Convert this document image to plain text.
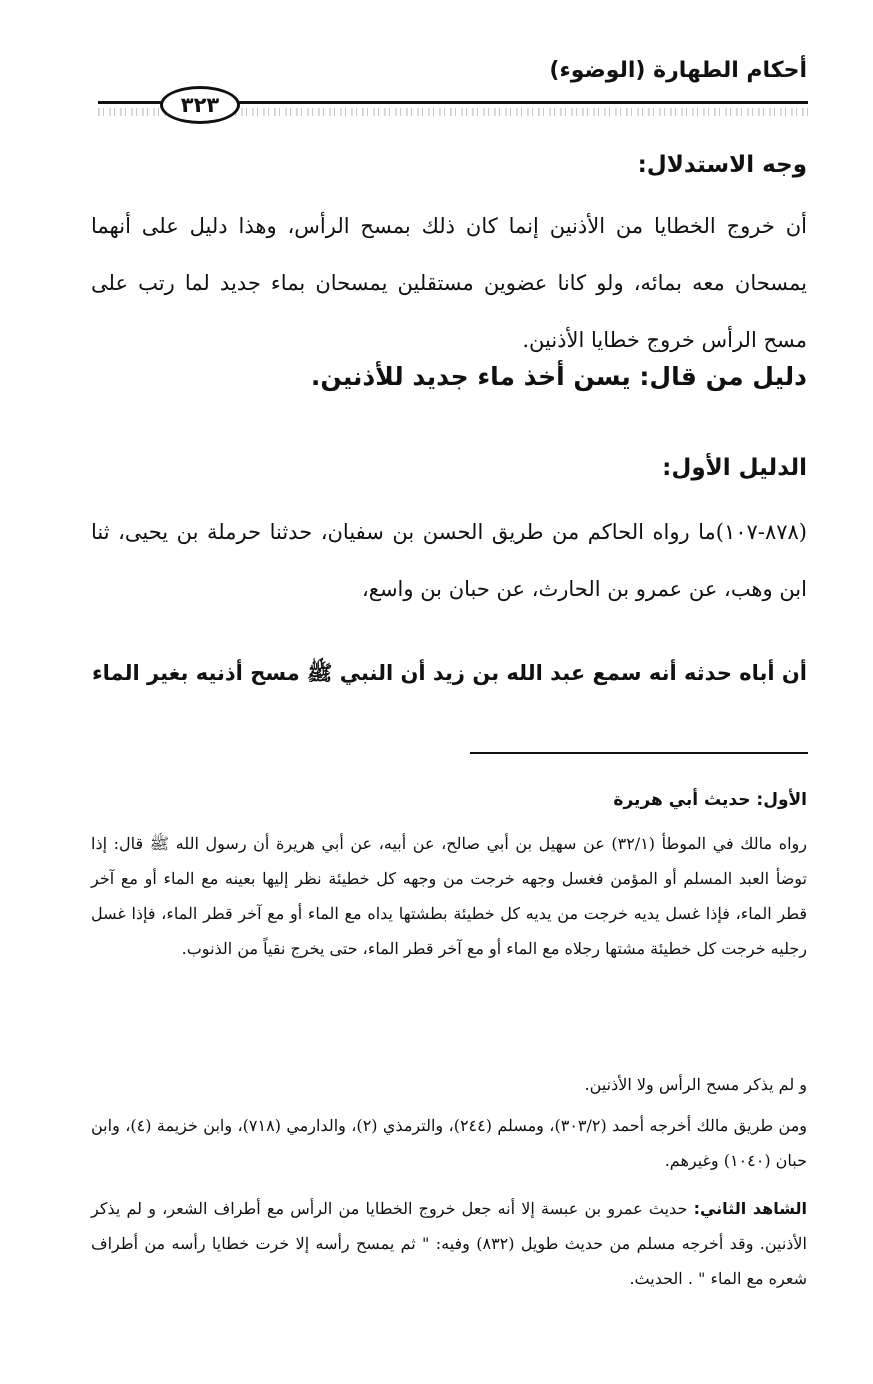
أحكام الطهارة (الوضوء)
٣٢٣
وجه الاستدلال:
أن خروج الخطايا من الأذنين إنما كان ذلك بمسح الرأس، وهذا دليل على أنهما يمسحان معه بمائه، ولو كانا عضوين مستقلين يمسحان بماء جديد لما رتب على مسح الرأس خروج خطايا الأذنين.
دليل من قال: يسن أخذ ماء جديد للأذنين.
الدليل الأول:
(٨٧٨-١٠٧)ما رواه الحاكم من طريق الحسن بن سفيان، حدثنا حرملة بن يحيى، ثنا ابن وهب، عن عمرو بن الحارث، عن حبان بن واسع،
أن أباه حدثه أنه سمع عبد الله بن زيد أن النبي ﷺ مسح أذنيه بغير الماء
الأول: حديث أبي هريرة
رواه مالك في الموطأ (٣٢/١) عن سهيل بن أبي صالح، عن أبيه، عن أبي هريرة أن رسول الله ﷺ قال: إذا توضأ العبد المسلم أو المؤمن فغسل وجهه خرجت من وجهه كل خطيئة نظر إليها بعينه مع الماء أو مع آخر قطر الماء، فإذا غسل يديه خرجت من يديه كل خطيئة بطشتها يداه مع الماء أو مع آخر قطر الماء، فإذا غسل رجليه خرجت كل خطيئة مشتها رجلاه مع الماء أو مع آخر قطر الماء، حتى يخرج نقياً من الذنوب.
و لم يذكر مسح الرأس ولا الأذنين.
ومن طريق مالك أخرجه أحمد (٣٠٣/٢)، ومسلم (٢٤٤)، والترمذي (٢)، والدارمي (٧١٨)، وابن خزيمة (٤)، وابن حبان (١٠٤٠) وغيرهم.
الشاهد الثاني: حديث عمرو بن عبسة إلا أنه جعل خروج الخطايا من الرأس مع أطراف الشعر، و لم يذكر الأذنين. وقد أخرجه مسلم من حديث طويل (٨٣٢) وفيه: " ثم يمسح رأسه إلا خرت خطايا رأسه من أطراف شعره مع الماء " . الحديث.
